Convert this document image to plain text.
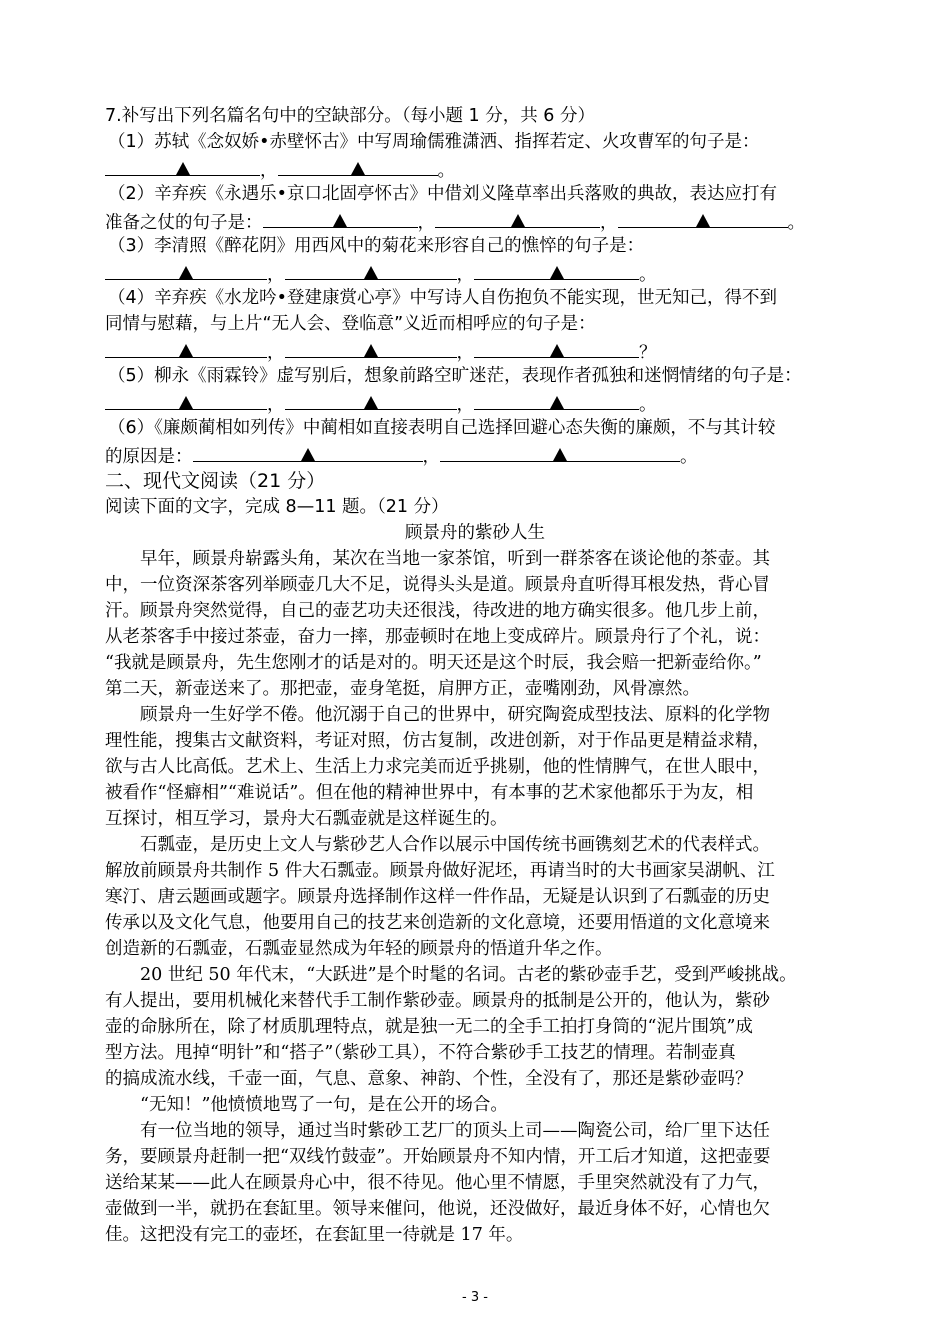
7.补写出下列名篇名句中的空缺部分。（每小题 1 分，共 6 分）
（1）苏轼《念奴娇•赤壁怀古》中写周瑜儒雅潇洒、指挥若定、火攻曹军的句子是：
，	。
（2）辛弃疾《永遇乐•京口北固亭怀古》中借刘义隆草率出兵落败的典故，表达应打有
准备之仗的句子是：	，	，	。
（3）李清照《醉花阴》用西风中的菊花来形容自己的憔悴的句子是：
，	，	。
（4）辛弃疾《水龙吟•登建康赏心亭》中写诗人自伤抱负不能实现，世无知己，得不到
同情与慰藉，与上片“无人会、登临意”义近而相呼应的句子是：
，	，	？
（5）柳永《雨霖铃》虚写别后，想象前路空旷迷茫，表现作者孤独和迷惘情绪的句子是：
，	，	。
（6）《廉颇蔺相如列传》中蔺相如直接表明自己选择回避心态失衡的廉颇，不与其计较
的原因是：	，	。
二、现代文阅读（21 分）
阅读下面的文字，完成 8—11 题。（21 分）
顾景舟的紫砂人生
早年，顾景舟崭露头角，某次在当地一家茶馆，听到一群茶客在谈论他的茶壶。其
中，一位资深茶客列举顾壶几大不足，说得头头是道。顾景舟直听得耳根发热，背心冒
汗。顾景舟突然觉得，自己的壶艺功夫还很浅，待改进的地方确实很多。他几步上前，
从老茶客手中接过茶壶，奋力一摔，那壶顿时在地上变成碎片。顾景舟行了个礼，说：
“我就是顾景舟，先生您刚才的话是对的。明天还是这个时辰，我会赔一把新壶给你。”
第二天，新壶送来了。那把壶，壶身笔挺，肩胛方正，壶嘴刚劲，风骨凛然。
顾景舟一生好学不倦。他沉溺于自己的世界中，研究陶瓷成型技法、原料的化学物
理性能，搜集古文献资料，考证对照，仿古复制，改进创新，对于作品更是精益求精，
欲与古人比高低。艺术上、生活上力求完美而近乎挑剔，他的性情脾气，在世人眼中，
被看作“怪癖相”“难说话”。但在他的精神世界中，有本事的艺术家他都乐于为友，相
互探讨，相互学习，景舟大石瓢壶就是这样诞生的。
石瓢壶，是历史上文人与紫砂艺人合作以展示中国传统书画镌刻艺术的代表样式。
解放前顾景舟共制作 5 件大石瓢壶。顾景舟做好泥坯，再请当时的大书画家吴湖帆、江
寒汀、唐云题画或题字。顾景舟选择制作这样一件作品，无疑是认识到了石瓢壶的历史
传承以及文化气息，他要用自己的技艺来创造新的文化意境，还要用悟道的文化意境来
创造新的石瓢壶，石瓢壶显然成为年轻的顾景舟的悟道升华之作。
20 世纪 50 年代末，“大跃进”是个时髦的名词。古老的紫砂壶手艺，受到严峻挑战。
有人提出，要用机械化来替代手工制作紫砂壶。顾景舟的抵制是公开的，他认为，紫砂
壶的命脉所在，除了材质肌理特点，就是独一无二的全手工拍打身筒的“泥片围筑”成
型方法。甩掉“明针”和“搭子”（紫砂工具），不符合紫砂手工技艺的情理。若制壶真
的搞成流水线，千壶一面，气息、意象、神韵、个性，全没有了，那还是紫砂壶吗？
“无知！”他愤愤地骂了一句，是在公开的场合。
有一位当地的领导，通过当时紫砂工艺厂的顶头上司——陶瓷公司，给厂里下达任
务，要顾景舟赶制一把“双线竹鼓壶”。开始顾景舟不知内情，开工后才知道，这把壶要
送给某某——此人在顾景舟心中，很不待见。他心里不情愿，手里突然就没有了力气，
壶做到一半，就扔在套缸里。领导来催问，他说，还没做好，最近身体不好，心情也欠
佳。这把没有完工的壶坯，在套缸里一待就是 17 年。
- 3 -
